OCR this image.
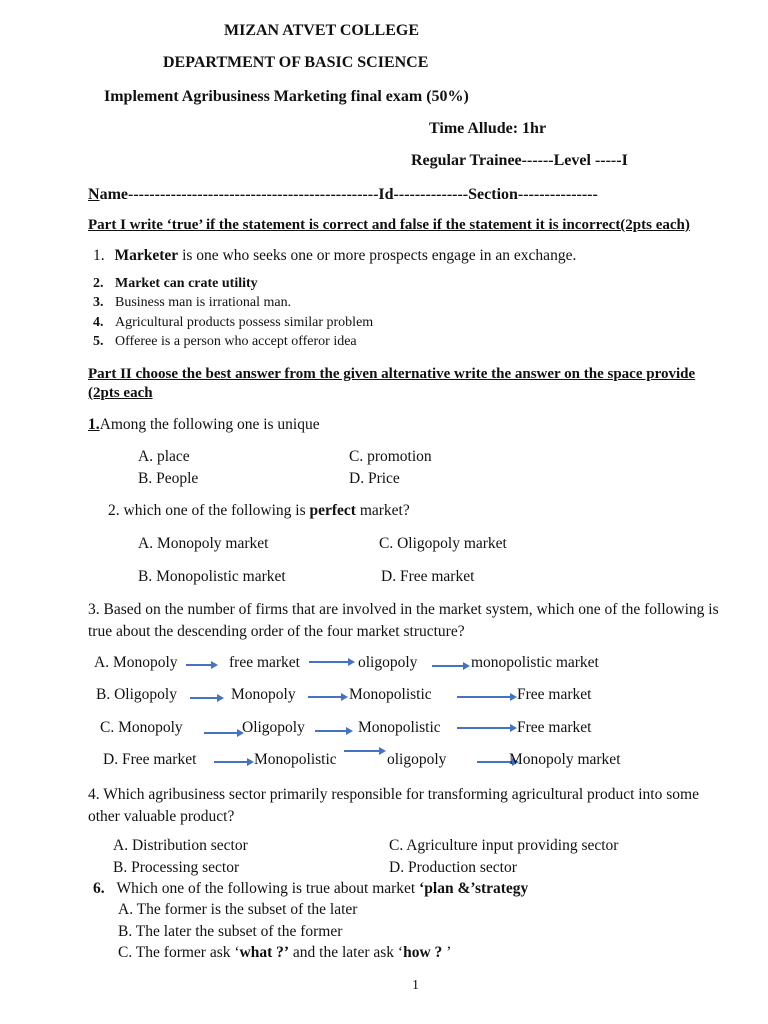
MIZAN ATVET COLLEGE
DEPARTMENT OF BASIC SCIENCE
Implement Agribusiness Marketing final exam (50%)
Time Allude: 1hr
Regular Trainee------Level -----I
Name-----------------------------------------------Id--------------Section---------------
Part I write ‘true’ if the statement is correct and false if the statement it is incorrect(2pts each)
1. Marketer is one who seeks one or more prospects engage in an exchange.
2. Market can crate utility
3. Business man is irrational man.
4. Agricultural products possess similar problem
5. Offeree is a person who accept offeror idea
Part II choose the best answer from the given alternative write the answer on the space provide (2pts each
1.Among the following one is unique
A. place
B. People
C. promotion
D. Price
2. which one of the following is perfect market?
A. Monopoly market
B. Monopolistic market
C. Oligopoly market
D. Free market
3. Based on the number of firms that are involved in the market system, which one of the following is true about the descending order of the four market structure?
A. Monopoly	free market	oligopoly	monopolistic market
B. Oligopoly	Monopoly	Monopolistic	Free market
C. Monopoly	Oligopoly	Monopolistic	Free market
D. Free market	Monopolistic	oligopoly	Monopoly market
4. Which agribusiness sector primarily responsible for transforming agricultural product into some other valuable product?
A. Distribution sector
B. Processing sector
C. Agriculture input providing sector
D. Production sector
6. Which one of the following is true about market ‘plan &’strategy
A. The former is the subset of the later
B. The later the subset of the former
C. The former ask ‘what ?’ and the later ask ‘how ? ’
1
